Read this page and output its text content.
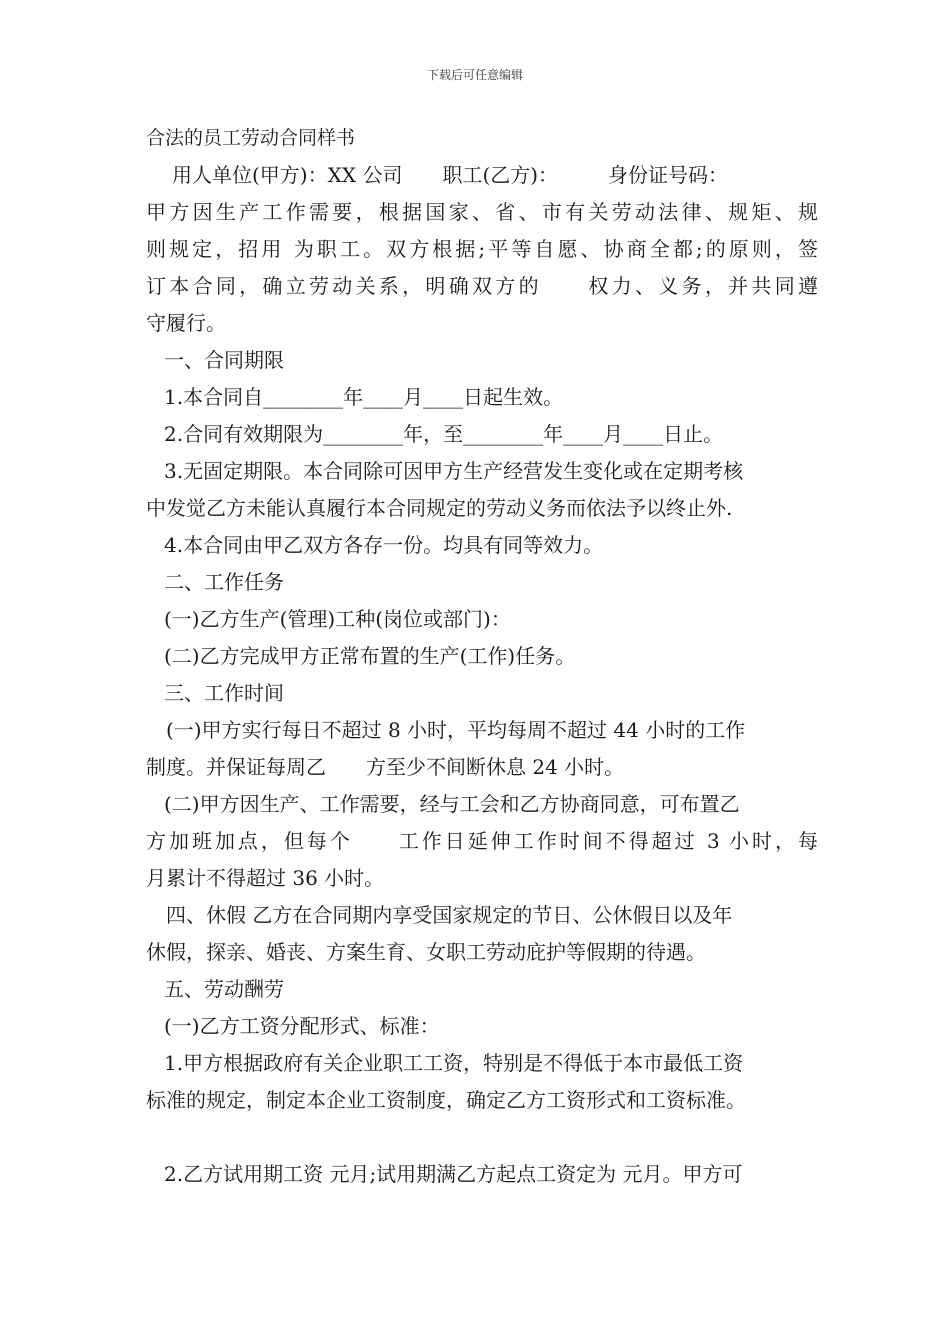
下载后可任意编辑
合法的员工劳动合同样书
用人单位(甲方)：XX 公司　　职工(乙方)：　　　身份证号码：
甲方因生产工作需要，根据国家、省、市有关劳动法律、规矩、规
则规定，招用 为职工。双方根据;平等自愿、协商全都;的原则，签
订本合同，确立劳动关系，明确双方的　　权力、义务，并共同遵
守履行。
一、合同期限
1.本合同自________年____月____日起生效。
2.合同有效期限为________年，至________年____月____日止。
3.无固定期限。本合同除可因甲方生产经营发生变化或在定期考核
中发觉乙方未能认真履行本合同规定的劳动义务而依法予以终止外.
4.本合同由甲乙双方各存一份。均具有同等效力。
二、工作任务
(一)乙方生产(管理)工种(岗位或部门)：
(二)乙方完成甲方正常布置的生产(工作)任务。
三、工作时间
(一)甲方实行每日不超过 8 小时，平均每周不超过 44 小时的工作
制度。并保证每周乙　　方至少不间断休息 24 小时。
(二)甲方因生产、工作需要，经与工会和乙方协商同意，可布置乙
方加班加点，但每个　　工作日延伸工作时间不得超过 3 小时，每
月累计不得超过 36 小时。
四、休假 乙方在合同期内享受国家规定的节日、公休假日以及年
休假，探亲、婚丧、方案生育、女职工劳动庇护等假期的待遇。
五、劳动酬劳
(一)乙方工资分配形式、标准：
1.甲方根据政府有关企业职工工资，特别是不得低于本市最低工资
标准的规定，制定本企业工资制度，确定乙方工资形式和工资标准。
2.乙方试用期工资 元月;试用期满乙方起点工资定为 元月。甲方可
